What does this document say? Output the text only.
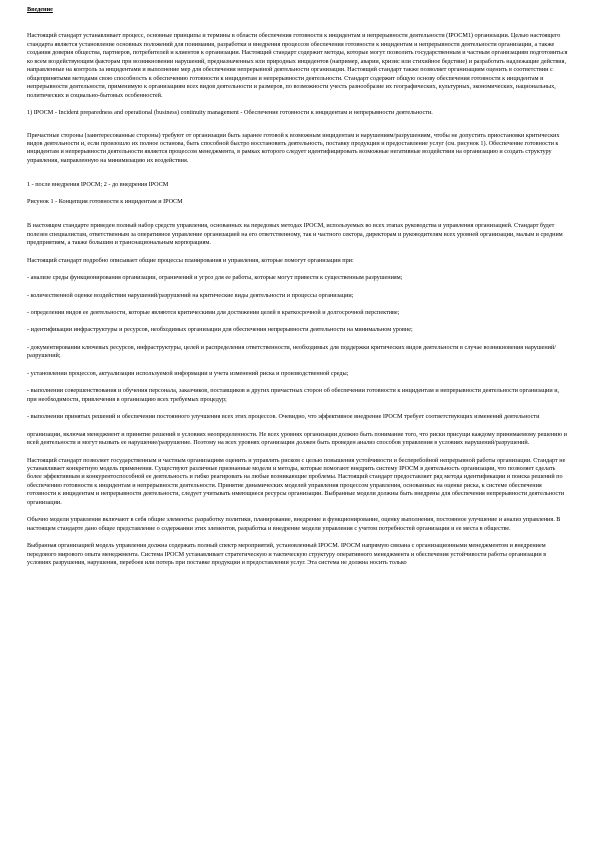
Введение

Настоящий стандарт устанавливает процесс, основные принципы и термины в области обеспечения готовности к инцидентам и непрерывности деятельности (IPOCM1) организации. Целью настоящего стандарта является установление основных положений для понимания, разработки и внедрения процессов обеспечения готовности к инцидентам и непрерывности деятельности организации, а также создания доверия общества, партнеров, потребителей и клиентов к организации. Настоящий стандарт содержит методы, которые могут позволить государственным и частным организациям подготовиться ко всем воздействующим факторам при возникновении нарушений, предназначенных или природных инцидентов (например, аварии, кризис или стихийное бедствие) и разработать надлежащие действия, направленные на контроль за инцидентами и выполнение мер для обеспечения непрерывной деятельности организации. Настоящий стандарт также позволяет организациям оценить в соответствии с общепринятыми методами свою способность к обеспечению готовности к инцидентам и непрерывности деятельности. Стандарт содержит общую основу обеспечения готовности к инцидентам и непрерывности деятельности, применимую к организациям всех видов деятельности и размеров, по возможности учесть разнообразие их географических, культурных, экономических, национальных, политических и социально-бытовых особенностей.

1) IPOCM - Incident preparedness and operational (business) continuity management - Обеспечение готовности к инцидентам и непрерывности деятельности.

Причастные стороны (заинтересованные стороны) требуют от организации быть заранее готовой к возможным инцидентам и нарушениям/разрушениям, чтобы не допустить приостановки критических видов деятельности и, если произошло их полное останова, быть способной быстро восстановить деятельность, поставку продукции и предоставление услуг (см. рисунок 1). Обеспечение готовности к инцидентам и непрерывности деятельности является процессом менеджмента, в рамках которого следует идентифицировать возможные негативные воздействия на организацию и создать структуру управления, направленную на минимизацию их воздействия.

1 - после внедрения IPOCM; 2 - до внедрения IPOCM

Рисунок 1 - Концепция готовности к инцидентам и IPOCM

В настоящем стандарте приведен полный набор средств управления, основанных на передовых методах IPOCM, используемых во всех этапах руководства и управления организацией. Стандарт будет полезен специалистам, ответственным за оперативное управление организацией на его ответственному, так и частного сектора, директорам и руководителям всех уровней организации, малым и средним предприятиям, а также большим и транснациональным корпорациям.

Настоящий стандарт подробно описывает общие процессы планирования и управления, которые помогут организации при:

- анализе среды функционирования организации, ограничений и угроз для ее работы, которые могут привести к существенным разрушениям;

- количественной оценке воздействия нарушений/разрушений на критические виды деятельности и процессы организации;

- определении видов ее деятельности, которые являются критическими для достижения целей в краткосрочной и долгосрочной перспективе;

- идентификации инфраструктуры и ресурсов, необходимых организации для обеспечения непрерывности деятельности на минимальном уровне;

- документировании ключевых ресурсов, инфраструктуры, целей и распределения ответственности, необходимых для поддержки критических видов деятельности в случае возникновения нарушений/разрушений;

- установлении процессов, актуализации используемой информации и учета изменений риска и производственной среды;

- выполнении совершенствования и обучения персонала, заказчиков, поставщиков и других причастных сторон об обеспечении готовности к инцидентам и непрерывности деятельности организации и, при необходимости, привлечения в организацию всех требуемых процедур;

- выполнении принятых решений и обеспечении постоянного улучшения всех этих процессов. Очевидно, что эффективное внедрение IPOCM требует соответствующих изменений деятельности

организации, включая менеджмент и принятие решений в условиях неопределенности. Не всех уровнях организации должно быть понимание того, что риски присущи каждому принимаемому решению и всей деятельности и могут вызвать ее нарушение/разрушение. Поэтому на всех уровнях организации должен быть проведен анализ способов управления в условиях нарушений/разрушений.

Настоящий стандарт позволяет государственным и частным организациям оценить и управлять риском с целью повышения устойчивости и бесперебойной непрерывной работы организации. Стандарт не устанавливает конкретную модель применения. Существуют различные признанные модели и методы, которые помогают внедрить систему IPOCM в деятельность организации, что позволяет сделать более эффективным и конкурентоспособной ее деятельность и гибко реагировать на любые возникающие проблемы. Настоящий стандарт предоставляет ряд метода идентификации и поиска решений по обеспечению готовности к инцидентам и непрерывности деятельности. Принятие динамических моделей управления процессом управления, основанных на оценке риска, к системе обеспечения готовности к инцидентам и непрерывности деятельности, следует учитывать имеющиеся ресурсы организации. Выбранные модели должны быть внедрены для обеспечения непрерывности деятельности организации.

Обычно модели управления включают в себя общие элементы: разработку политики, планирование, внедрение и функционирование, оценку выполнения, постоянное улучшение и анализ управления. В настоящем стандарте дано общее представление о содержании этих элементов, разработка и внедрение модели управления с учетом потребностей организации и ее места в обществе.

Выбранная организацией модель управления должна содержать полный спектр мероприятий, установленный IPOCM. IPOCM напрямую связана с организационными менеджментом и внедрением передового мирового опыта менеджмента. Система IPOCM устанавливает стратегическую и тактическую структуру оперативного менеджмента и обеспечения устойчивости работы организации в условиях разрушения, нарушения, перебоев или потерь при поставке продукции и предоставлении услуг. Эта система не должна носить только
